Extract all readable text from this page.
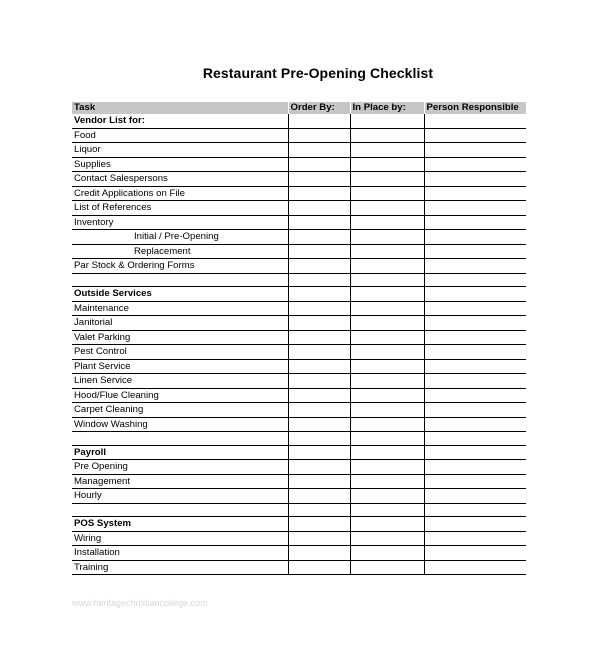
Restaurant Pre-Opening Checklist
Task	Order By:	In Place by:	Person Responsible
Vendor List for:			
Food			
Liquor			
Supplies			
Contact Salespersons			
Credit Applications on File			
List of References			
Inventory			
Initial / Pre-Opening			
Replacement			
Par Stock & Ordering Forms			

Outside Services			
Maintenance			
Janitorial			
Valet Parking			
Pest Control			
Plant Service			
Linen Service			
Hood/Flue Cleaning			
Carpet Cleaning			
Window Washing			

Payroll			
Pre Opening			
Management			
Hourly			

POS System			
Wiring			
Installation			
Training			
www.heritagechristiancollege.com
